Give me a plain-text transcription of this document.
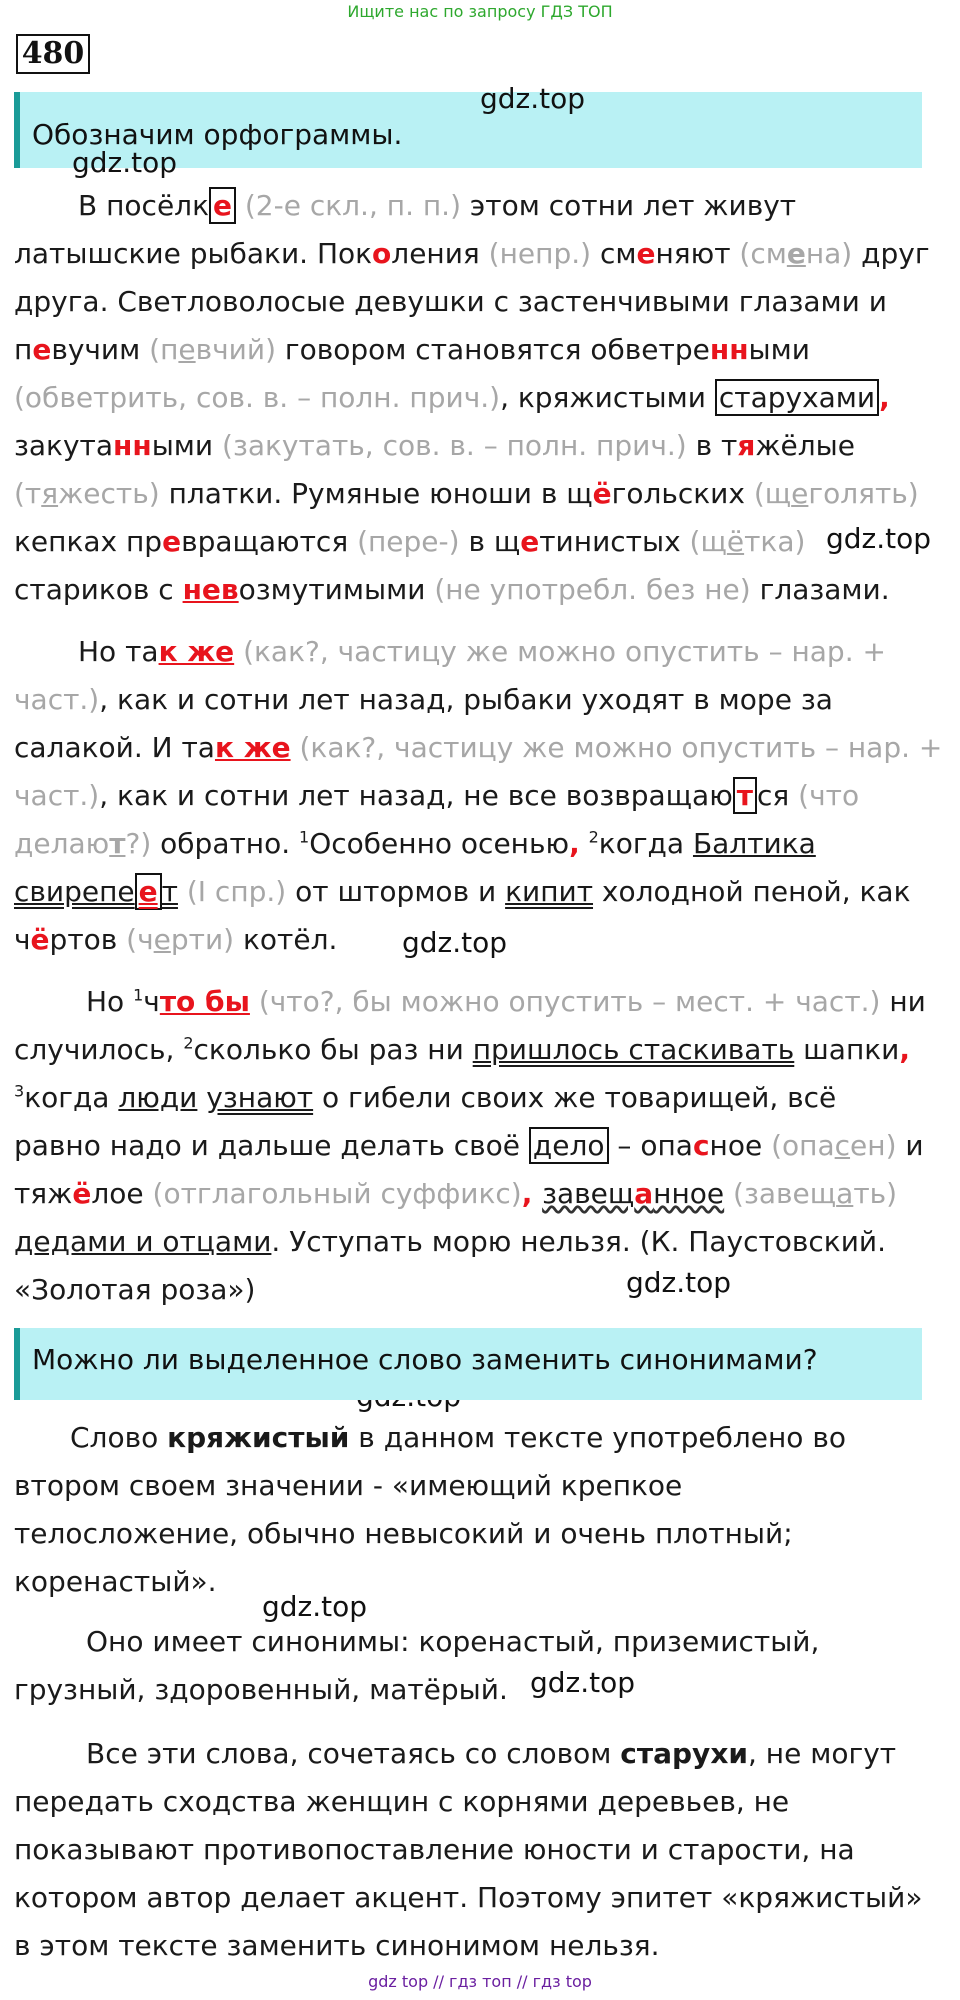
Ищите нас по запросу ГДЗ ТОП
480
Обозначим орфограммы.
gdz.top
gdz.top
gdz.top
gdz.top
gdz.top
gdz.top
gdz.top
В посёлк е (2-е скл., п. п.) этом сотни лет живут
латышские рыбаки. Поколения (непр.) сменяют (смена) друг
друга. Светловолосые девушки с застенчивыми глазами и
певучим (певчий) говором становятся обветренными
(обветрить, сов. в. – полн. прич.), кряжистыми старухами ,
закутанными (закутать, сов. в. – полн. прич.) в тяжёлые
(тяжесть) платки. Румяные юноши в щёгольских (щеголять)
кепках превращаются (пере-) в щетинистых (щётка)
стариков с невозмутимыми (не употребл. без не) глазами.
Но так же (как?, частицу же можно опустить – нар. +
част.), как и сотни лет назад, рыбаки уходят в море за
салакой. И так же (как?, частицу же можно опустить – нар. +
част.), как и сотни лет назад, не все возвращаю т ся (что
делают?) обратно. $^1$Особенно осенью, $^2$когда Балтика
свирепе е т (I спр.) от штормов и кипит холодной пеной, как
чёртов (черти) котёл.
Но $^1$что бы (что?, бы можно опустить – мест. + част.) ни
случилось, $^2$сколько бы раз ни пришлось стаскивать шапки,
$^3$когда люди узнают о гибели своих же товарищей, всё
равно надо и дальше делать своё дело – опасное (опасен) и
тяжёлое (отглагольный суффикс), завещанное (завещать)
дедами и отцами. Уступать морю нельзя. (К. Паустовский.
«Золотая роза»)
Можно ли выделенное слово заменить синонимами?
Слово кряжистый в данном тексте употреблено во
втором своем значении - «имеющий крепкое
телосложение, обычно невысокий и очень плотный;
коренастый».
Оно имеет синонимы: коренастый, приземистый,
грузный, здоровенный, матёрый.
Все эти слова, сочетаясь со словом старухи, не могут
передать сходства женщин с корнями деревьев, не
показывают противопоставление юности и старости, на
котором автор делает акцент. Поэтому эпитет «кряжистый»
в этом тексте заменить синонимом нельзя.
gdz top // гдз топ // гдз top
